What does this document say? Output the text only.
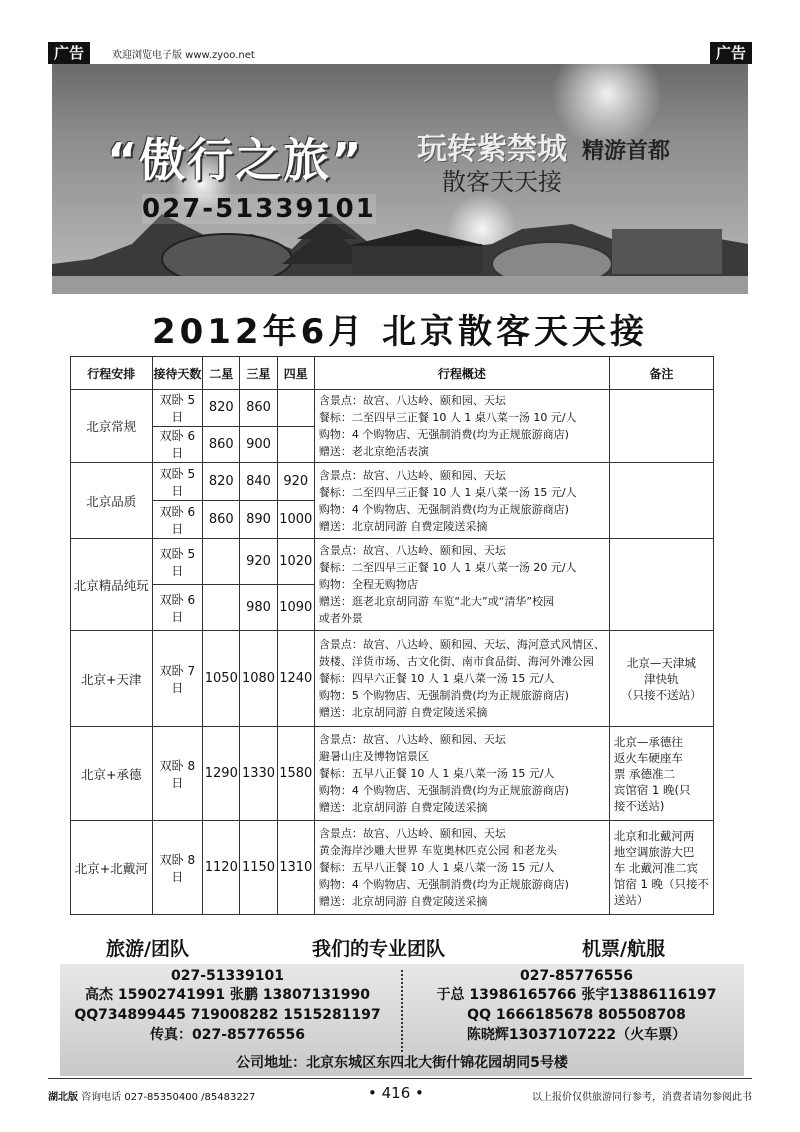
广告	欢迎浏览电子版 www.zyoo.net	广告
“傲行之旅” 玩转紫禁城 精游首都
散客天天接
027-51339101
2012年6月 北京散客天天接
行程安排	接待天数	二星	三星	四星	行程概述	备注
北京常规	双卧 5 日	820	860		含景点：故宫、八达岭、颐和园、天坛
餐标：二至四早三正餐 10 人 1 桌八菜一汤 10 元/人
购物：4 个购物店、无强制消费(均为正规旅游商店)
赠送：老北京绝活表演	

	双卧 6 日	860	900			
北京品质	双卧 5 日	820	840	920	含景点：故宫、八达岭、颐和园、天坛
餐标：二至四早三正餐 10 人 1 桌八菜一汤 15 元/人
购物：4 个购物店、无强制消费(均为正规旅游商店)
赠送：北京胡同游 自费定陵送采摘	

	双卧 6 日	860	890	1000		
北京精品纯玩	双卧 5 日		920	1020	含景点：故宫、八达岭、颐和园、天坛
餐标：二至四早三正餐 10 人 1 桌八菜一汤 20 元/人
购物：全程无购物店
赠送：逛老北京胡同游 车览“北大”或“清华”校园
或者外景	

	双卧 6 日		980	1090		
北京+天津	双卧 7 日	1050	1080	1240	含景点：故宫、八达岭、颐和园、天坛、海河意式风情区、
鼓楼、洋货市场、古文化街、南市食品街、海河外滩公园
餐标：四早六正餐 10 人 1 桌八菜一汤 15 元/人
购物：5 个购物店、无强制消费(均为正规旅游商店)
赠送：北京胡同游 自费定陵送采摘	北京—天津城
津快轨
（只接不送站）

北京+承德	双卧 8 日	1290	1330	1580	含景点：故宫、八达岭、颐和园、天坛
避暑山庄及博物馆景区
餐标：五早八正餐 10 人 1 桌八菜一汤 15 元/人
购物：4 个购物店、无强制消费(均为正规旅游商店)
赠送：北京胡同游 自费定陵送采摘	北京—承德往
返火车硬座车
票 承德准二
宾馆宿 1 晚(只
接不送站)

北京+北戴河	双卧 8 日	1120	1150	1310	含景点：故宫、八达岭、颐和园、天坛
黄金海岸沙雕大世界 车览奥林匹克公园 和老龙头
餐标：五早八正餐 10 人 1 桌八菜一汤 15 元/人
购物：4 个购物店、无强制消费(均为正规旅游商店)
赠送：北京胡同游 自费定陵送采摘	北京和北戴河两
地空调旅游大巴
车 北戴河准二宾
馆宿 1 晚（只接不
送站）
旅游/团队	我们的专业团队	机票/航服
027-51339101
高杰 15902741991 张鹏 13807131990
QQ734899445 719008282 1515281197
传真：027-85776556
027-85776556
于总 13986165766 张宇13886116197
QQ 1666185678 805508708
陈晓辉13037107222（火车票）
公司地址：北京东城区东四北大街什锦花园胡同5号楼
湖北版 咨询电话 027-85350400 /85483227	• 416 •	以上报价仅供旅游同行参考，消费者请勿参阅此书
